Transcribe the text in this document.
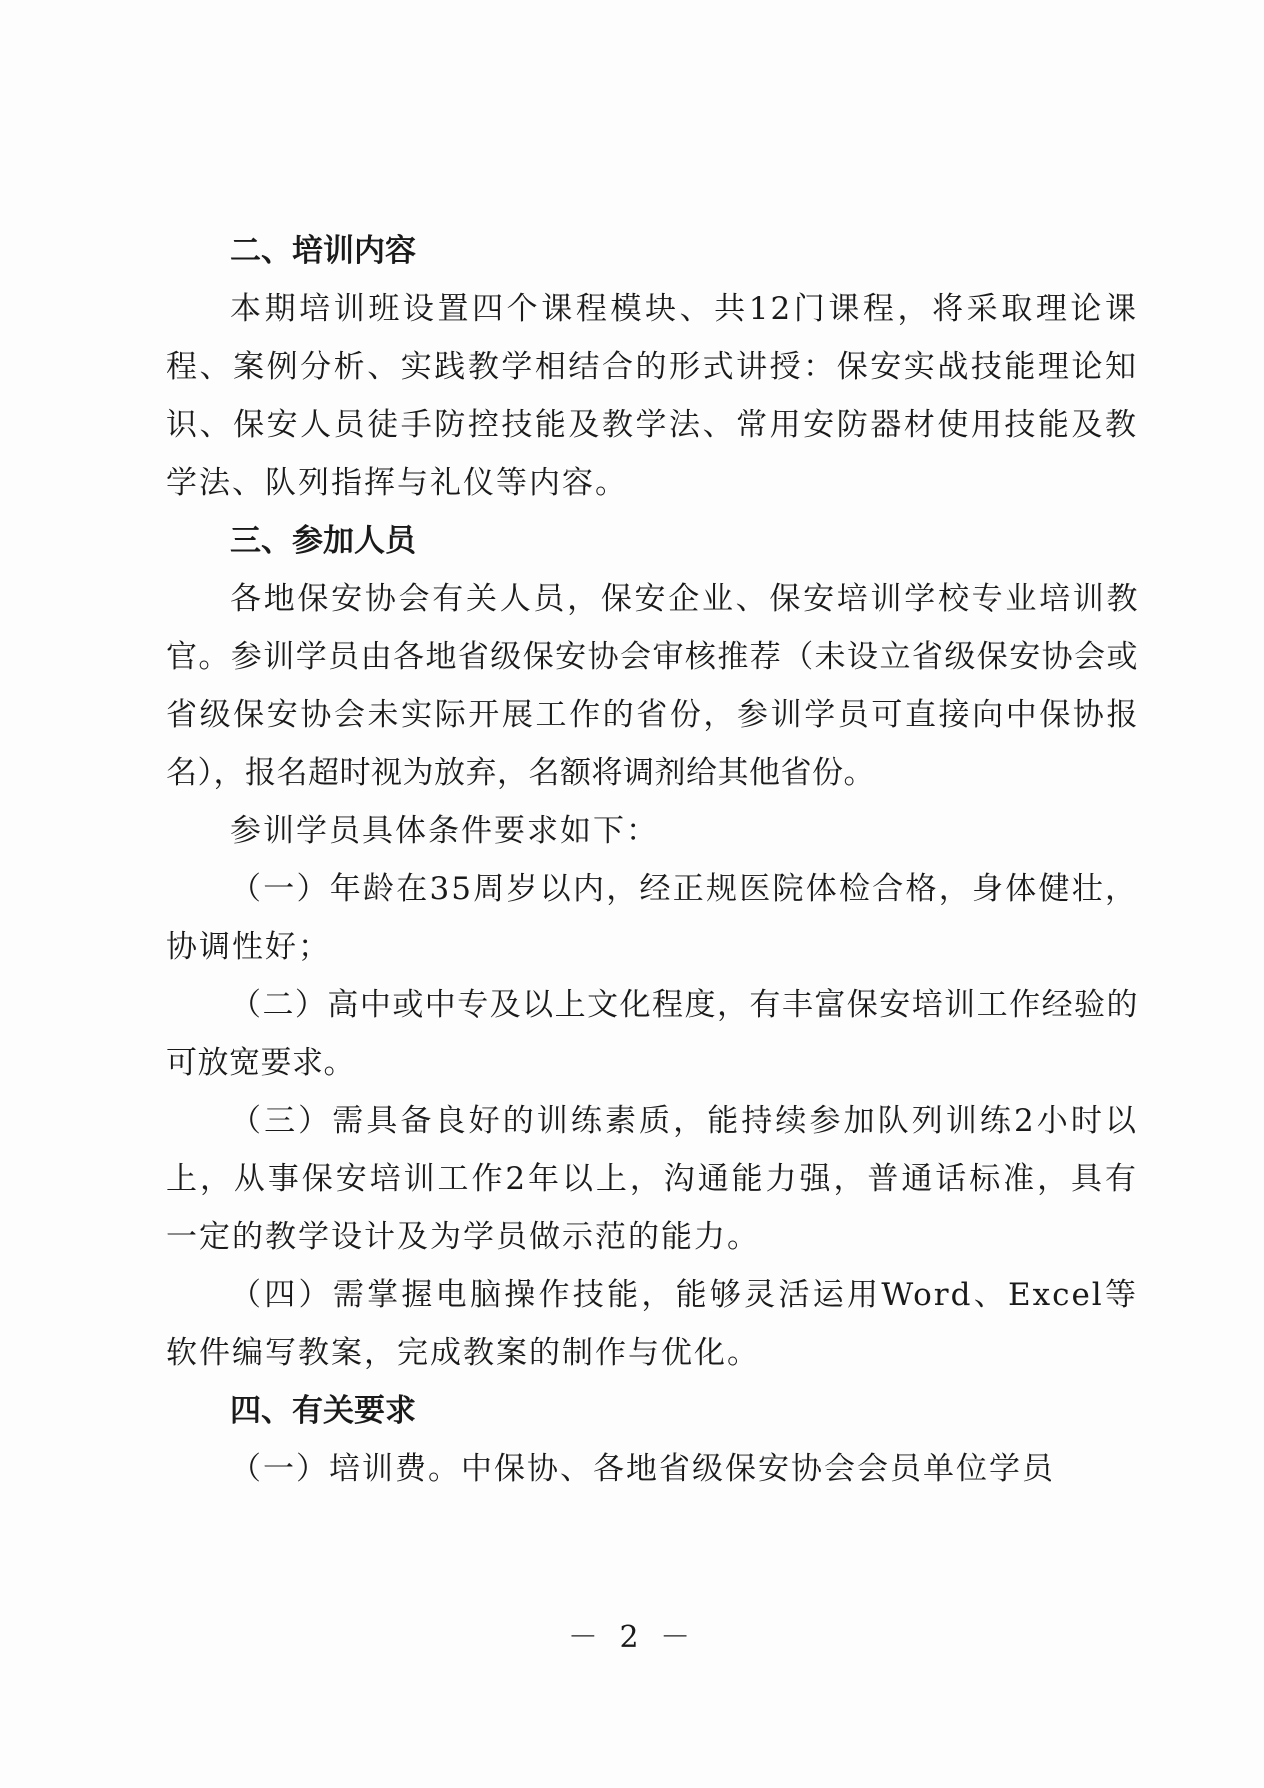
二、培训内容

本期培训班设置四个课程模块、共12门课程，将采取理论课程、案例分析、实践教学相结合的形式讲授：保安实战技能理论知识、保安人员徒手防控技能及教学法、常用安防器材使用技能及教学法、队列指挥与礼仪等内容。

三、参加人员

各地保安协会有关人员，保安企业、保安培训学校专业培训教官。参训学员由各地省级保安协会审核推荐（未设立省级保安协会或省级保安协会未实际开展工作的省份，参训学员可直接向中保协报名），报名超时视为放弃，名额将调剂给其他省份。

参训学员具体条件要求如下：

（一）年龄在35周岁以内，经正规医院体检合格，身体健壮，协调性好；

（二）高中或中专及以上文化程度，有丰富保安培训工作经验的可放宽要求。

（三）需具备良好的训练素质，能持续参加队列训练2小时以上，从事保安培训工作2年以上，沟通能力强，普通话标准，具有一定的教学设计及为学员做示范的能力。

（四）需掌握电脑操作技能，能够灵活运用Word、Excel等软件编写教案，完成教案的制作与优化。

四、有关要求

（一）培训费。中保协、各地省级保安协会会员单位学员

－ 2 －
